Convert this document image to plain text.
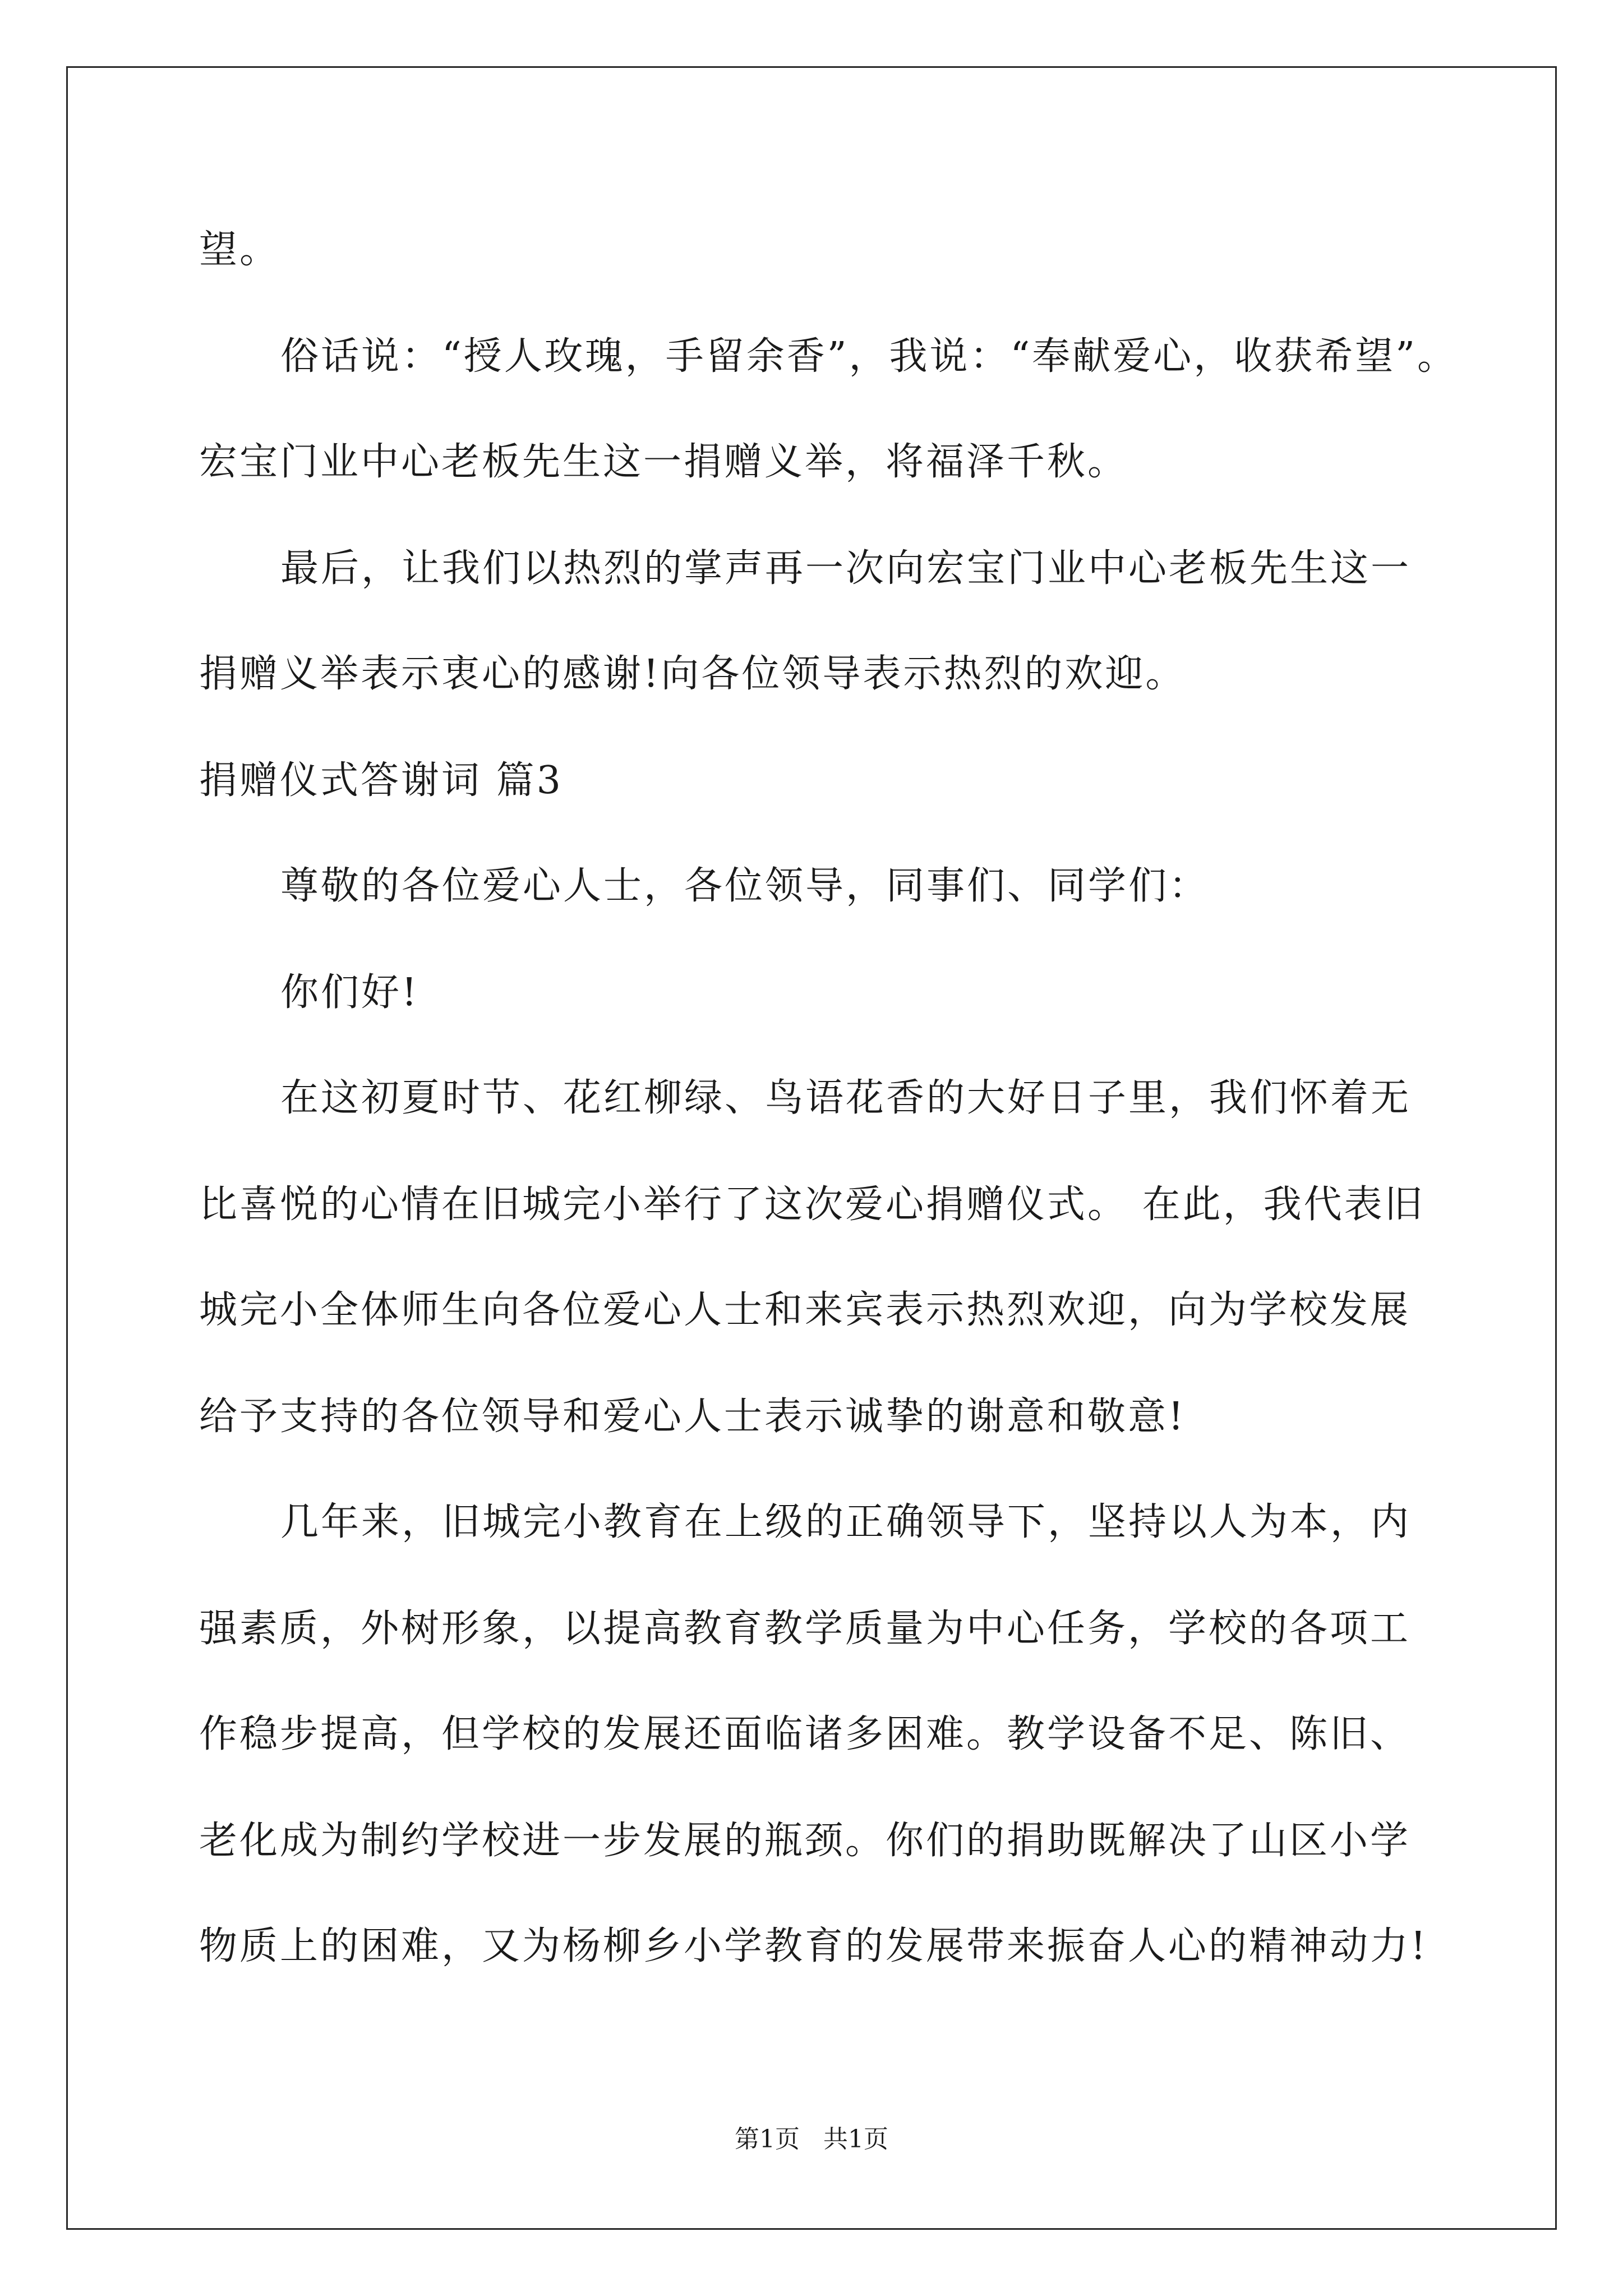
望。
俗话说：“授人玫瑰，手留余香”，我说：“奉献爱心，收获希望”。
宏宝门业中心老板先生这一捐赠义举，将福泽千秋。
最后，让我们以热烈的掌声再一次向宏宝门业中心老板先生这一
捐赠义举表示衷心的感谢!向各位领导表示热烈的欢迎。
捐赠仪式答谢词 篇3
尊敬的各位爱心人士，各位领导，同事们、同学们：
你们好!
在这初夏时节、花红柳绿、鸟语花香的大好日子里，我们怀着无
比喜悦的心情在旧城完小举行了这次爱心捐赠仪式。 在此，我代表旧
城完小全体师生向各位爱心人士和来宾表示热烈欢迎，向为学校发展
给予支持的各位领导和爱心人士表示诚挚的谢意和敬意!
几年来，旧城完小教育在上级的正确领导下，坚持以人为本，内
强素质，外树形象，以提高教育教学质量为中心任务，学校的各项工
作稳步提高，但学校的发展还面临诸多困难。教学设备不足、陈旧、
老化成为制约学校进一步发展的瓶颈。你们的捐助既解决了山区小学
物质上的困难，又为杨柳乡小学教育的发展带来振奋人心的精神动力!
第1页   共1页
